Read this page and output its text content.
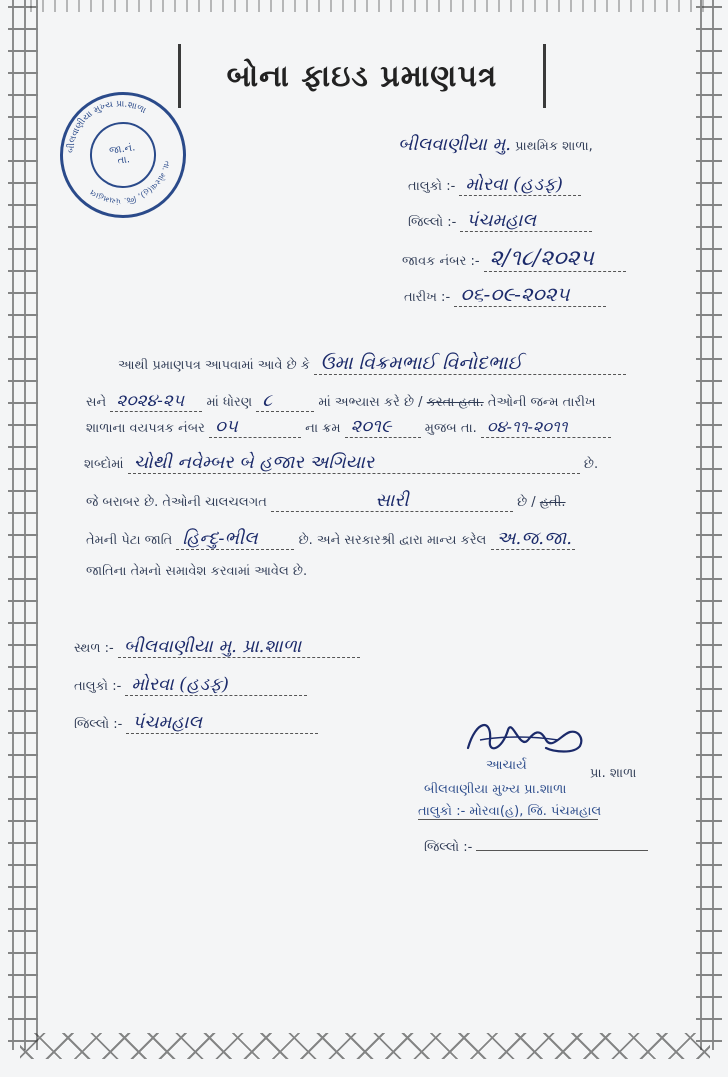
બોના ફાઇડ પ્રમાણપત્ર
બીલવાણીયા મુખ્ય પ્રા.શાળા
તા. મોરવા(હ), જિ. પંચમહાલ
જા.નં.
તા.
બીલવાણીયા મુ. પ્રાથમિક શાળા,
તાલુકો :- મોરવા (હડફ)
જિલ્લો :- પંચમહાલ
જાવક નંબર :- ૨/૧૮/૨૦૨૫
તારીખ :- ૦૬-૦૯-૨૦૨૫
આથી પ્રમાણપત્ર આપવામાં આવે છે કે ઉમા વિક્રમભાઈ વિનોદભાઈ
સને ૨૦૨૪-૨૫ માં ધોરણ ૮	માં અભ્યાસ કરે છે / કરતા હતા. તેઓની જન્મ તારીખ
શાળાના વયપત્રક નંબર ૦૫	ના ક્રમ ૨૦૧૯	મુજબ તા. ૦૪-૧૧-૨૦૧૧
શબ્દોમાં ચોથી નવેમ્બર બે હજાર અગિયાર	છે.
જે બરાબર છે. તેઓની ચાલચલગત	સારી	છે / હતી.
તેમની પેટા જાતિ હિન્દુ-ભીલ	છે. અને સરકારશ્રી દ્વારા માન્ય કરેલ અ.જ.જા.
જાતિના તેમનો સમાવેશ કરવામાં આવેલ છે.
સ્થળ :- બીલવાણીયા મુ. પ્રા.શાળા
તાલુકો :- મોરવા (હડફ)
જિલ્લો :- પંચમહાલ
આચાર્ય
પ્રા. શાળા
બીલવાણીયા મુખ્ય પ્રા.શાળા
તાલુકો :- મોરવા(હ), જિ. પંચમહાલ
જિલ્લો :-
